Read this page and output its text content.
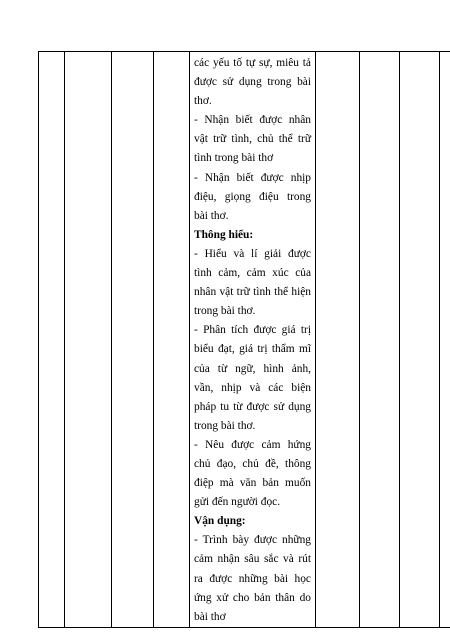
các yếu tố tự sự, miêu tả được sử dụng trong bài thơ.

- Nhận biết được nhân vật trữ tình, chủ thể trữ tình trong bài thơ

- Nhận biết được nhịp điệu, giọng điệu trong bài thơ.

Thông hiểu:

- Hiểu và lí giải được tình cảm, cảm xúc của nhân vật trữ tình thể hiện trong bài thơ.

- Phân tích được giá trị biểu đạt, giá trị thẩm mĩ của từ ngữ, hình ảnh, vần, nhịp và các biện pháp tu từ được sử dụng trong bài thơ.

- Nêu được cảm hứng chủ đạo, chủ đề, thông điệp mà văn bản muốn gửi đến người đọc.

Vận dụng:

- Trình bày được những cảm nhận sâu sắc và rút ra được những bài học ứng xử cho bản thân do bài thơ
